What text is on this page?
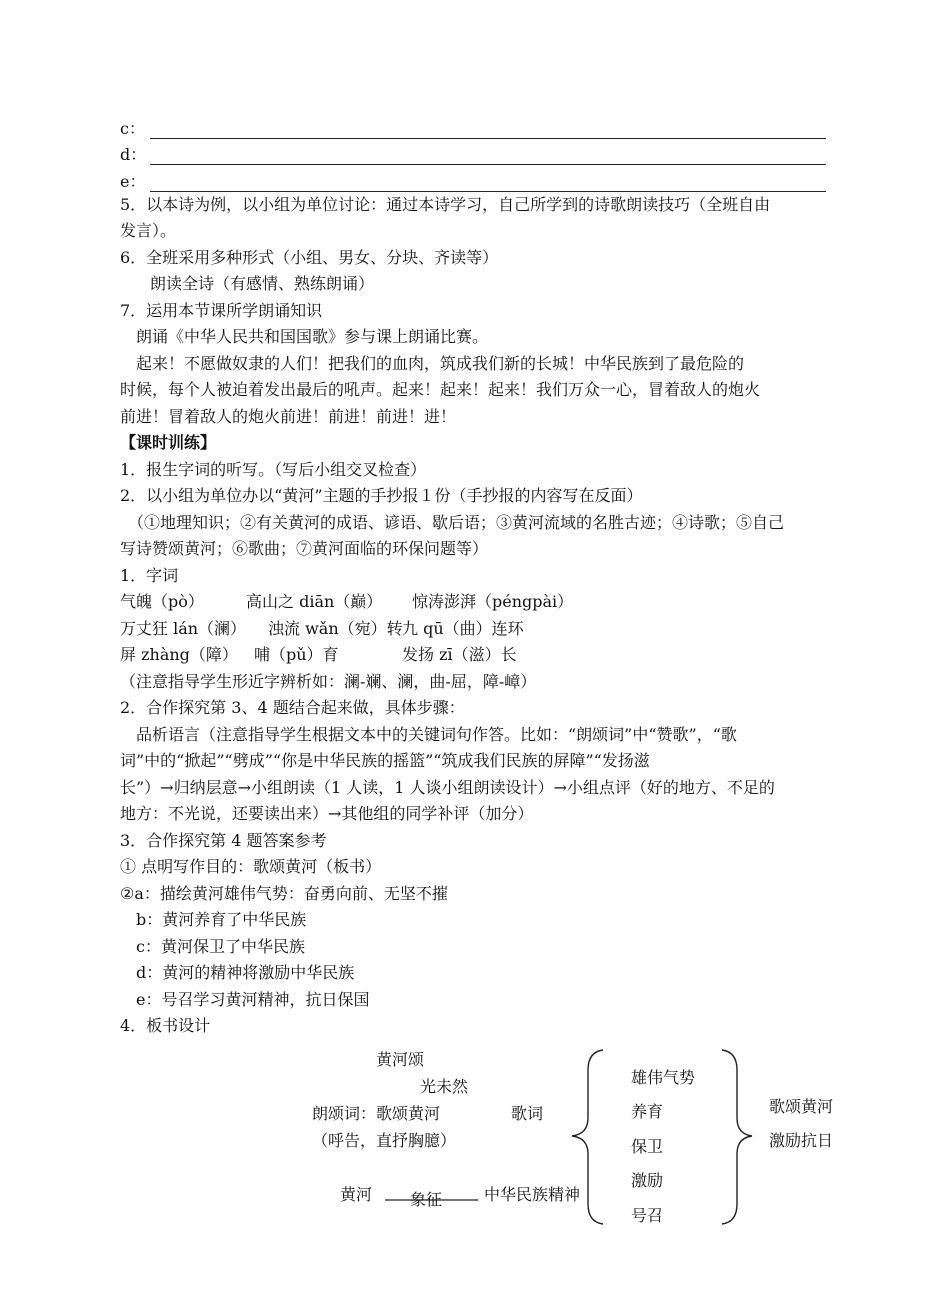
c：
d：
e：
5．以本诗为例，以小组为单位讨论：通过本诗学习，自己所学到的诗歌朗读技巧（全班自由
发言）。
6．全班采用多种形式（小组、男女、分块、齐读等）
朗读全诗（有感情、熟练朗诵）
7．运用本节课所学朗诵知识
朗诵《中华人民共和国国歌》参与课上朗诵比赛。
起来！不愿做奴隶的人们！把我们的血肉，筑成我们新的长城！中华民族到了最危险的
时候，每个人被迫着发出最后的吼声。起来！起来！起来！我们万众一心，冒着敌人的炮火
前进！冒着敌人的炮火前进！前进！前进！进！
【课时训练】
1．报生字词的听写。（写后小组交叉检查）
2．以小组为单位办以“黄河”主题的手抄报１份（手抄报的内容写在反面）
（①地理知识；②有关黄河的成语、谚语、歇后语；③黄河流域的名胜古迹；④诗歌；⑤自己
写诗赞颂黄河；⑥歌曲；⑦黄河面临的环保问题等）
1．字词
气魄（pò）	高山之 diān（巅） 惊涛澎湃（péngpài）
万丈狂 lán（澜） 浊流 wǎn（宛）转九 qū（曲）连环
屏 zhàng（障） 哺（pǔ）育	发扬 zī（滋）长
（注意指导学生形近字辨析如：澜-斓、澜，曲-屈，障-嶂）
2．合作探究第 3、4 题结合起来做，具体步骤：
品析语言（注意指导学生根据文本中的关键词句作答。比如：“朗颂词”中“赞歌”，“歌
词”中的“掀起”“劈成”“你是中华民族的摇篮”“筑成我们民族的屏障”“发扬滋
长”）→归纳层意→小组朗读（1 人读，1 人谈小组朗读设计）→小组点评（好的地方、不足的
地方：不光说，还要读出来）→其他组的同学补评（加分）
3．合作探究第 4 题答案参考
① 点明写作目的：歌颂黄河（板书）
②a：描绘黄河雄伟气势：奋勇向前、无坚不摧
b：黄河养育了中华民族
c：黄河保卫了中华民族
d：黄河的精神将激励中华民族
e：号召学习黄河精神，抗日保国
4．板书设计
黄河颂
光未然
朗颂词：歌颂黄河	歌词
（呼告，直抒胸臆）
黄河 象征	中华民族精神
雄伟气势
养育
保卫
激励
号召
歌颂黄河
激励抗日
